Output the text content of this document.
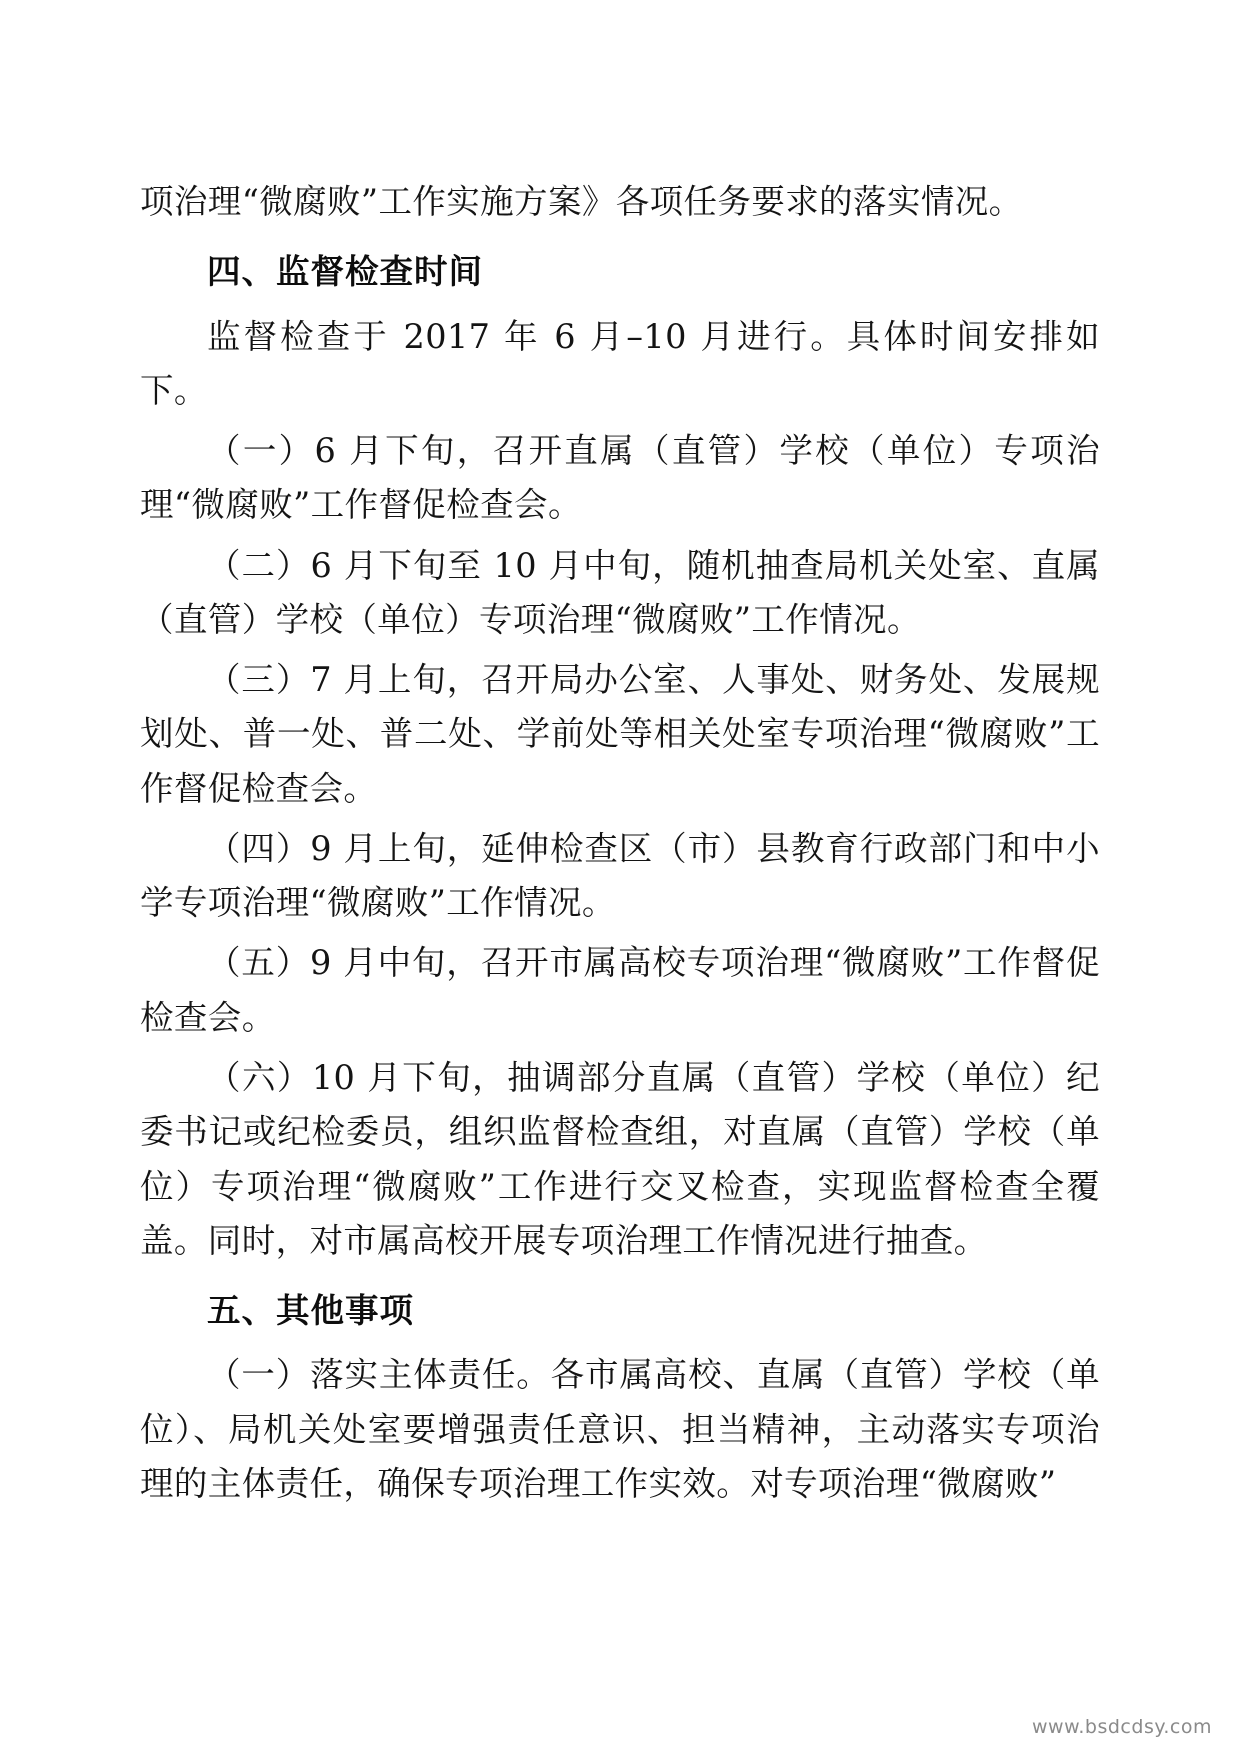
项治理“微腐败”工作实施方案》各项任务要求的落实情况。

四、监督检查时间

监督检查于 2017 年 6 月–10 月进行。具体时间安排如下。

（一）6 月下旬，召开直属（直管）学校（单位）专项治理“微腐败”工作督促检查会。

（二）6 月下旬至 10 月中旬，随机抽查局机关处室、直属（直管）学校（单位）专项治理“微腐败”工作情况。

（三）7 月上旬，召开局办公室、人事处、财务处、发展规划处、普一处、普二处、学前处等相关处室专项治理“微腐败”工作督促检查会。

（四）9 月上旬，延伸检查区（市）县教育行政部门和中小学专项治理“微腐败”工作情况。

（五）9 月中旬，召开市属高校专项治理“微腐败”工作督促检查会。

（六）10 月下旬，抽调部分直属（直管）学校（单位）纪委书记或纪检委员，组织监督检查组，对直属（直管）学校（单位）专项治理“微腐败”工作进行交叉检查，实现监督检查全覆盖。同时，对市属高校开展专项治理工作情况进行抽查。

五、其他事项

（一）落实主体责任。各市属高校、直属（直管）学校（单位）、局机关处室要增强责任意识、担当精神，主动落实专项治理的主体责任，确保专项治理工作实效。对专项治理“微腐败”

www.bsdcdsy.com
